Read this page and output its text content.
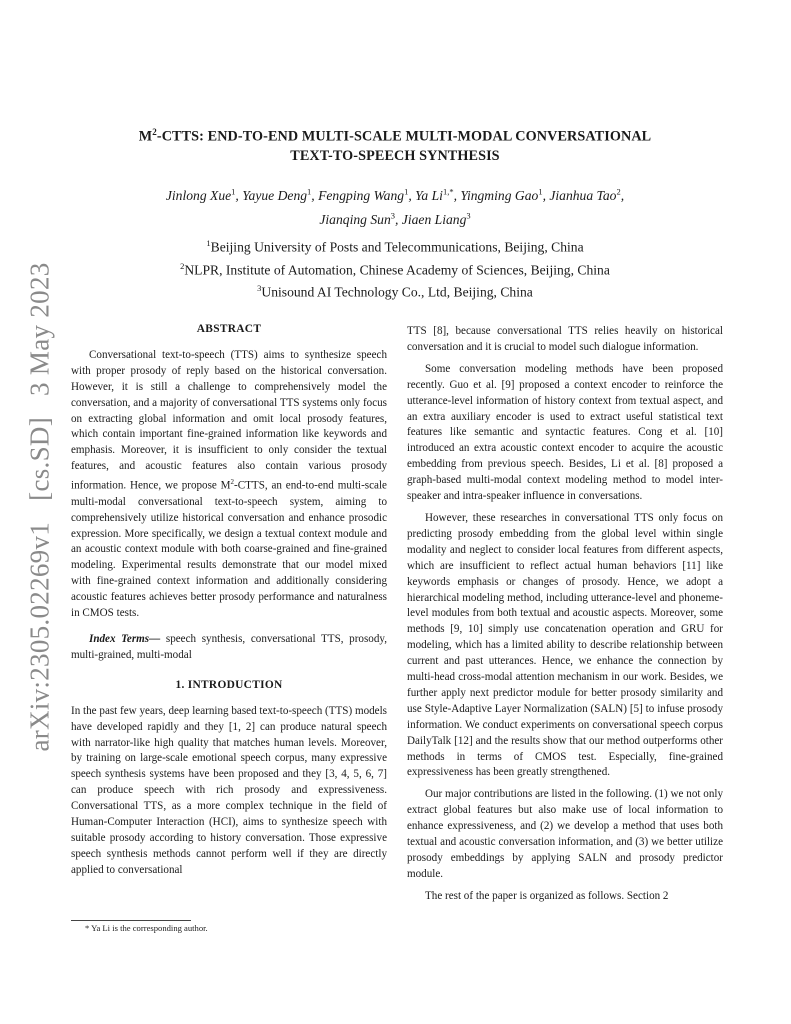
arXiv:2305.02269v1 [cs.SD] 3 May 2023
$M^2$-CTTS: END-TO-END MULTI-SCALE MULTI-MODAL CONVERSATIONAL
TEXT-TO-SPEECH SYNTHESIS
Jinlong Xue$^1$, Yayue Deng$^1$, Fengping Wang$^1$, Ya $Li^{1,*}$, Yingming Gao$^1$, Jianhua Tao$^2$,
Jianqing Sun$^3$, Jiaen Liang$^3$
$^1$Beijing University of Posts and Telecommunications, Beijing, China
$^2$NLPR, Institute of Automation, Chinese Academy of Sciences, Beijing, China
$^3$Unisound AI Technology Co., Ltd, Beijing, China
ABSTRACT

Conversational text-to-speech (TTS) aims to synthesize speech with proper prosody of reply based on the historical conversation. However, it is still a challenge to comprehensively model the conversation, and a majority of conversational TTS systems only focus on extracting global information and omit local prosody features, which contain important fine-grained information like keywords and emphasis. Moreover, it is insufficient to only consider the textual features, and acoustic features also contain various prosody information. Hence, we propose $M^2$-CTTS, an end-to-end multi-scale multi-modal conversational text-to-speech system, aiming to comprehensively utilize historical conversation and enhance prosodic expression. More specifically, we design a textual context module and an acoustic context module with both coarse-grained and fine-grained modeling. Experimental results demonstrate that our model mixed with fine-grained context information and additionally considering acoustic features achieves better prosody performance and naturalness in CMOS tests.

Index Terms— speech synthesis, conversational TTS, prosody, multi-grained, multi-modal

1. INTRODUCTION

In the past few years, deep learning based text-to-speech (TTS) models have developed rapidly and they [1, 2] can produce natural speech with narrator-like high quality that matches human levels. Moreover, by training on large-scale emotional speech corpus, many expressive speech synthesis systems have been proposed and they [3, 4, 5, 6, 7] can produce speech with rich prosody and expressiveness. Conversational TTS, as a more complex technique in the field of Human-Computer Interaction (HCI), aims to synthesize speech with suitable prosody according to history conversation. Those expressive speech synthesis methods cannot perform well if they are directly applied to conversational

TTS [8], because conversational TTS relies heavily on historical conversation and it is crucial to model such dialogue information.

Some conversation modeling methods have been proposed recently. Guo et al. [9] proposed a context encoder to reinforce the utterance-level information of history context from textual aspect, and an extra auxiliary encoder is used to extract useful statistical text features like semantic and syntactic features. Cong et al. [10] introduced an extra acoustic context encoder to acquire the acoustic embedding from previous speech. Besides, Li et al. [8] proposed a graph-based multi-modal context modeling method to model inter-speaker and intra-speaker influence in conversations.

However, these researches in conversational TTS only focus on predicting prosody embedding from the global level within single modality and neglect to consider local features from different aspects, which are insufficient to reflect actual human behaviors [11] like keywords emphasis or changes of prosody. Hence, we adopt a hierarchical modeling method, including utterance-level and phoneme-level modules from both textual and acoustic aspects. Moreover, some methods [9, 10] simply use concatenation operation and GRU for modeling, which has a limited ability to describe relationship between current and past utterances. Hence, we enhance the connection by multi-head cross-modal attention mechanism in our work. Besides, we further apply next predictor module for better prosody similarity and use Style-Adaptive Layer Normalization (SALN) [5] to infuse prosody information. We conduct experiments on conversational speech corpus DailyTalk [12] and the results show that our method outperforms other methods in terms of CMOS test. Especially, fine-grained expressiveness has been greatly strengthened.

Our major contributions are listed in the following. (1) we not only extract global features but also make use of local information to enhance expressiveness, and (2) we develop a method that uses both textual and acoustic conversation information, and (3) we better utilize prosody embeddings by applying SALN and prosody predictor module.

The rest of the paper is organized as follows. Section 2

* Ya Li is the corresponding author.
